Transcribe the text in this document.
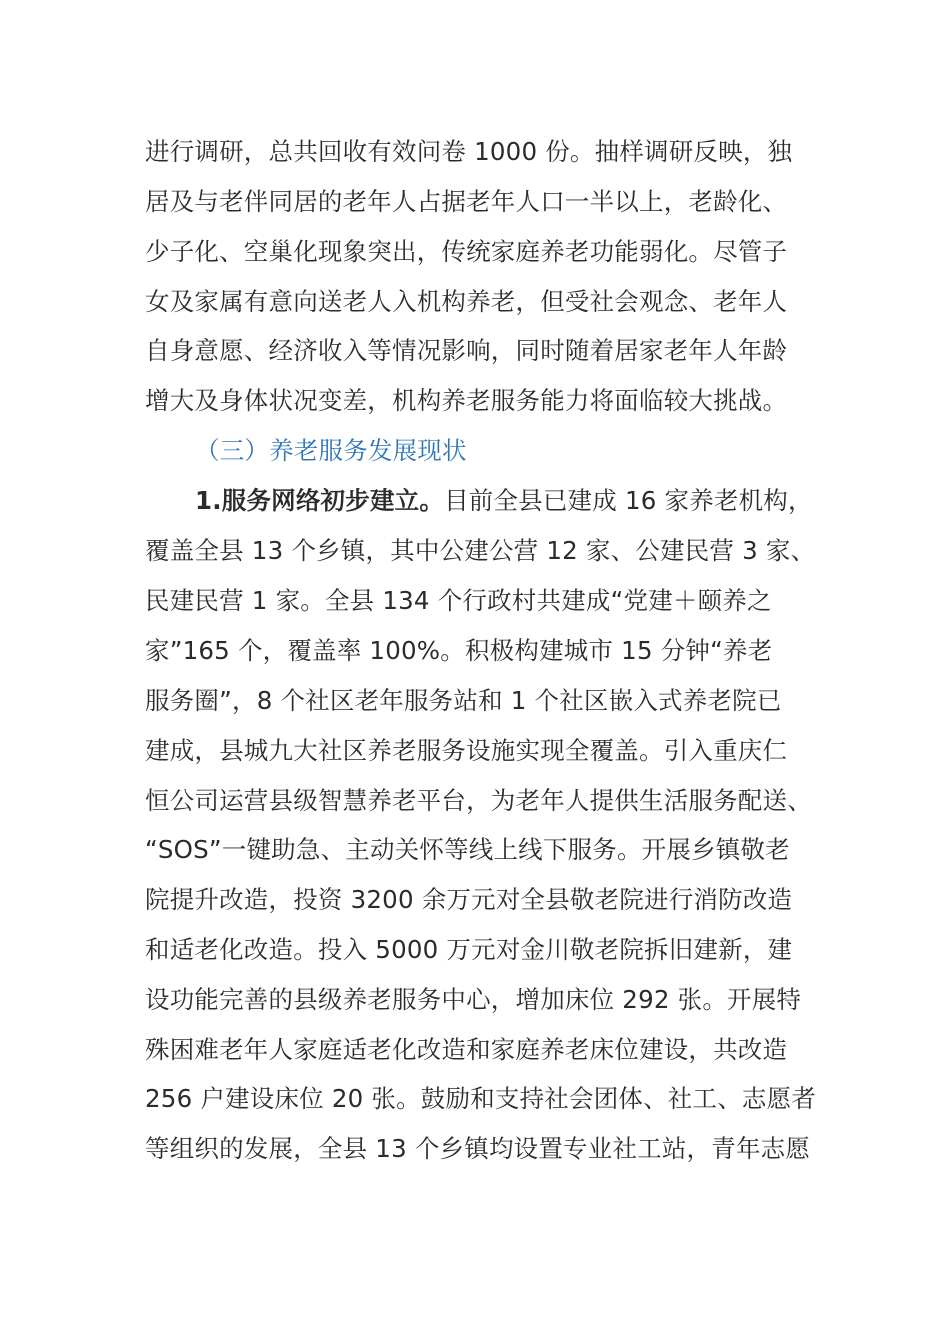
进行调研，总共回收有效问卷 1000 份。抽样调研反映，独
居及与老伴同居的老年人占据老年人口一半以上，老龄化、
少子化、空巢化现象突出，传统家庭养老功能弱化。尽管子
女及家属有意向送老人入机构养老，但受社会观念、老年人
自身意愿、经济收入等情况影响，同时随着居家老年人年龄
增大及身体状况变差，机构养老服务能力将面临较大挑战。
（三）养老服务发展现状
1.服务网络初步建立。目前全县已建成 16 家养老机构，
覆盖全县 13 个乡镇，其中公建公营 12 家、公建民营 3 家、
民建民营 1 家。全县 134 个行政村共建成“党建＋颐养之
家”165 个，覆盖率 100%。积极构建城市 15 分钟“养老
服务圈”，8 个社区老年服务站和 1 个社区嵌入式养老院已
建成，县城九大社区养老服务设施实现全覆盖。引入重庆仁
恒公司运营县级智慧养老平台，为老年人提供生活服务配送、
“SOS”一键助急、主动关怀等线上线下服务。开展乡镇敬老
院提升改造，投资 3200 余万元对全县敬老院进行消防改造
和适老化改造。投入 5000 万元对金川敬老院拆旧建新，建
设功能完善的县级养老服务中心，增加床位 292 张。开展特
殊困难老年人家庭适老化改造和家庭养老床位建设，共改造
256 户建设床位 20 张。鼓励和支持社会团体、社工、志愿者
等组织的发展，全县 13 个乡镇均设置专业社工站，青年志愿
